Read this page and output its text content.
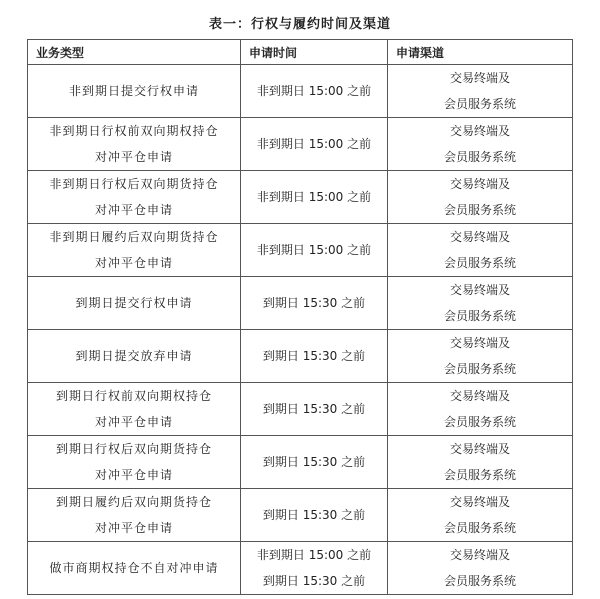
表一：行权与履约时间及渠道
业务类型	申请时间	申请渠道

非到期日提交行权申请	非到期日 15:00 之前	交易终端及
会员服务系统

非到期日行权前双向期权持仓
对冲平仓申请	非到期日 15:00 之前	交易终端及
会员服务系统

非到期日行权后双向期货持仓
对冲平仓申请	非到期日 15:00 之前	交易终端及
会员服务系统

非到期日履约后双向期货持仓
对冲平仓申请	非到期日 15:00 之前	交易终端及
会员服务系统

到期日提交行权申请	到期日 15:30 之前	交易终端及
会员服务系统

到期日提交放弃申请	到期日 15:30 之前	交易终端及
会员服务系统

到期日行权前双向期权持仓
对冲平仓申请	到期日 15:30 之前	交易终端及
会员服务系统

到期日行权后双向期货持仓
对冲平仓申请	到期日 15:30 之前	交易终端及
会员服务系统

到期日履约后双向期货持仓
对冲平仓申请	到期日 15:30 之前	交易终端及
会员服务系统

做市商期权持仓不自对冲申请	非到期日 15:00 之前
到期日 15:30 之前	交易终端及
会员服务系统
